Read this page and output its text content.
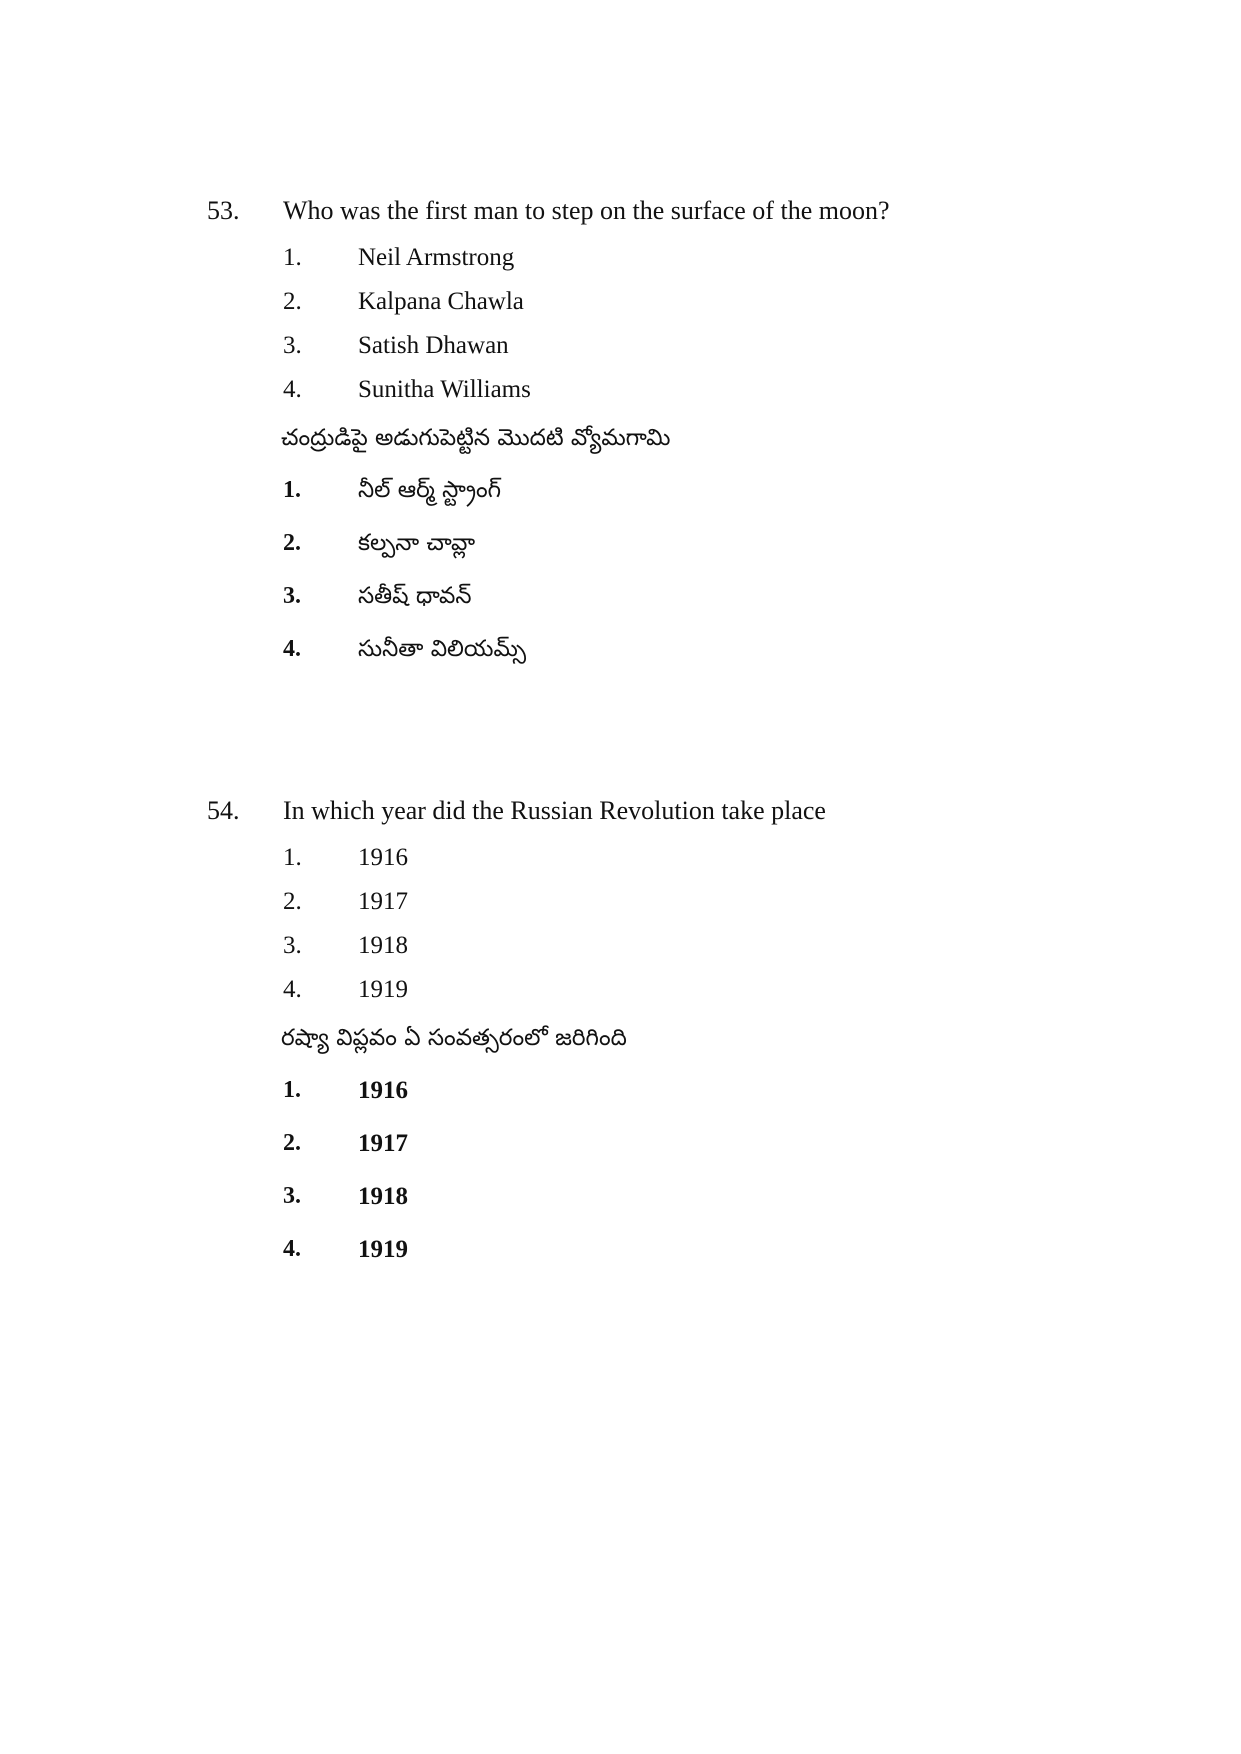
53. Who was the first man to step on the surface of the moon?
1. Neil Armstrong
2. Kalpana Chawla
3. Satish Dhawan
4. Sunitha Williams
చంద్రుడిపై అడుగుపెట్టిన మొదటి వ్యోమగామి
1. నీల్ ఆర్మ్ స్ట్రాంగ్
2. కల్పనా చావ్లా
3. సతీష్ ధావన్
4. సునీతా విలియమ్స్
54. In which year did the Russian Revolution take place
1. 1916
2. 1917
3. 1918
4. 1919
రష్యా విప్లవం ఏ సంవత్సరంలో జరిగింది
1. 1916
2. 1917
3. 1918
4. 1919
